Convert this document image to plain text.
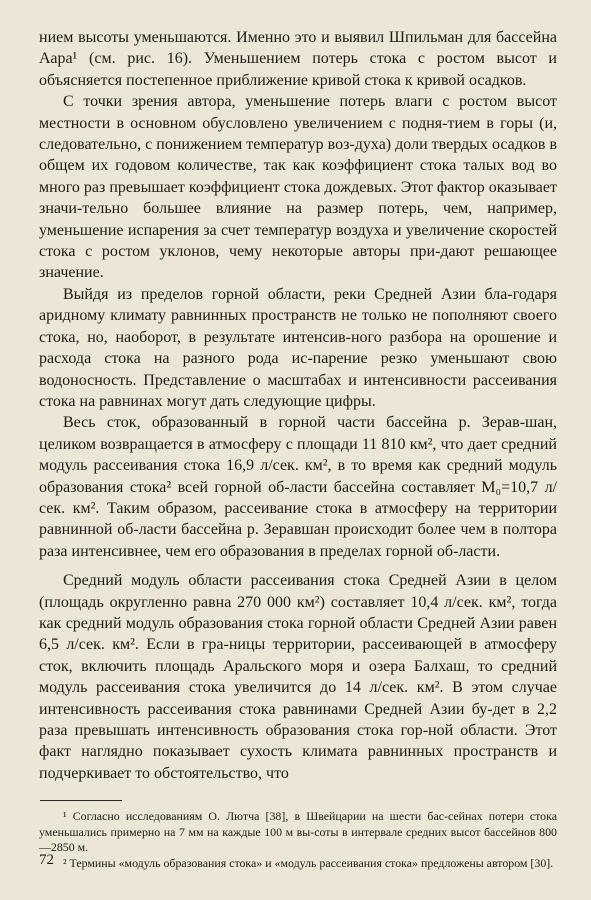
нием высоты уменьшаются. Именно это и выявил Шпильман для бассейна Аара¹ (см. рис. 16). Уменьшением потерь стока с ростом высот и объясняется постепенное приближение кривой стока к кривой осадков.

С точки зрения автора, уменьшение потерь влаги с ростом высот местности в основном обусловлено увеличением с подня-тием в горы (и, следовательно, с понижением температур воз-духа) доли твердых осадков в общем их годовом количестве, так как коэффициент стока талых вод во много раз превышает коэффициент стока дождевых. Этот фактор оказывает значи-тельно большее влияние на размер потерь, чем, например, уменьшение испарения за счет температур воздуха и увеличение скоростей стока с ростом уклонов, чему некоторые авторы при-дают решающее значение.

Выйдя из пределов горной области, реки Средней Азии бла-годаря аридному климату равнинных пространств не только не пополняют своего стока, но, наоборот, в результате интенсив-ного разбора на орошение и расхода стока на разного рода ис-парение резко уменьшают свою водоносность. Представление о масштабах и интенсивности рассеивания стока на равнинах могут дать следующие цифры.

Весь сток, образованный в горной части бассейна р. Зерав-шан, целиком возвращается в атмосферу с площади 11 810 км², что дает средний модуль рассеивания стока 16,9 л/сек. км², в то время как средний модуль образования стока² всей горной об-ласти бассейна составляет M₀=10,7 л/сек. км². Таким образом, рассеивание стока в атмосферу на территории равнинной об-ласти бассейна р. Зеравшан происходит более чем в полтора раза интенсивнее, чем его образования в пределах горной об-ласти.

Средний модуль области рассеивания стока Средней Азии в целом (площадь округленно равна 270 000 км²) составляет 10,4 л/сек. км², тогда как средний модуль образования стока горной области Средней Азии равен 6,5 л/сек. км². Если в гра-ницы территории, рассеивающей в атмосферу сток, включить площадь Аральского моря и озера Балхаш, то средний модуль рассеивания стока увеличится до 14 л/сек. км². В этом случае интенсивность рассеивания стока равнинами Средней Азии бу-дет в 2,2 раза превышать интенсивность образования стока гор-ной области. Этот факт наглядно показывает сухость климата равнинных пространств и подчеркивает то обстоятельство, что

¹ Согласно исследованиям О. Лютча [38], в Швейцарии на шести бас-сейнах потери стока уменьшались примерно на 7 мм на каждые 100 м вы-соты в интервале средних высот бассейнов 800—2850 м.

² Термины «модуль образования стока» и «модуль рассеивания стока» предложены автором [30].

72
